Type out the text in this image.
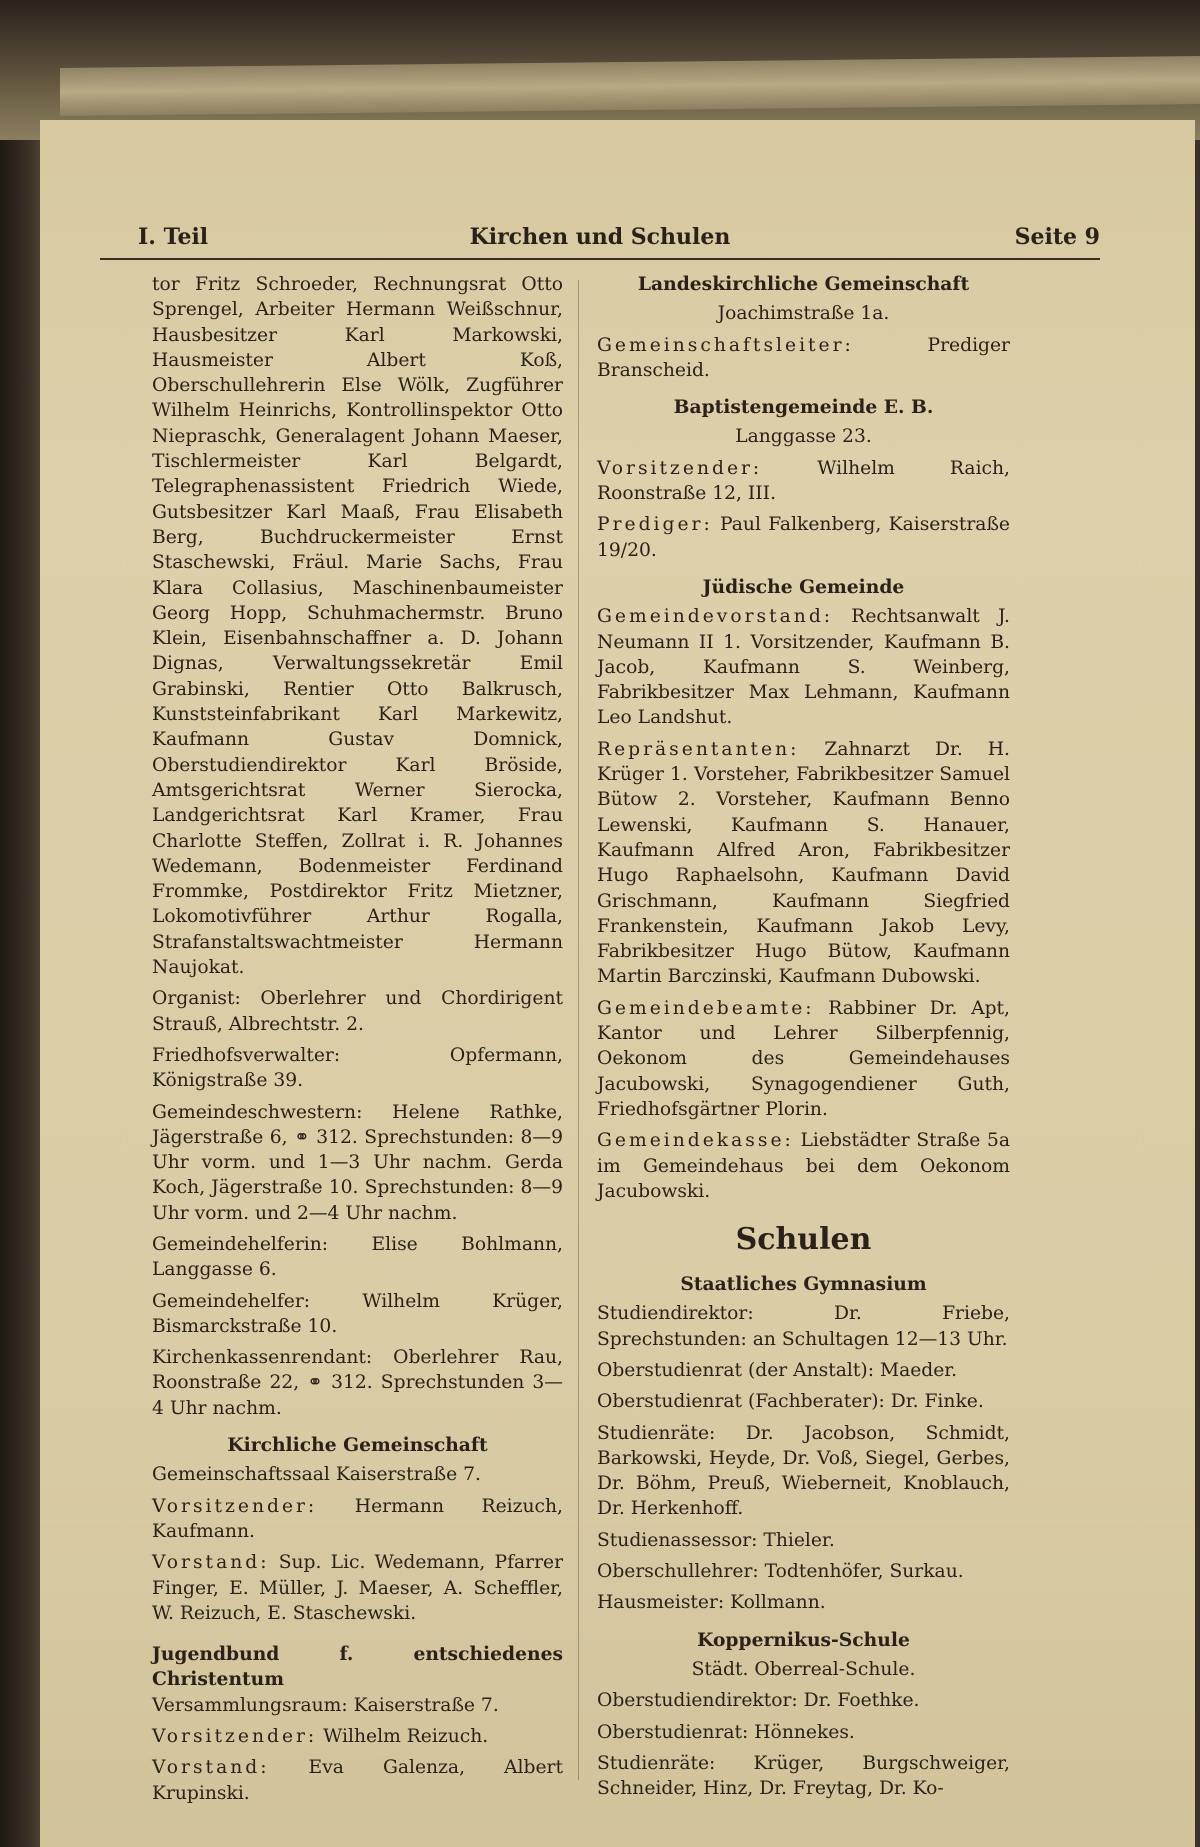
Kirchen und Schulen
I. Teil	Seite 9

tor Fritz Schroeder, Rechnungsrat Otto Sprengel, Arbeiter Hermann Weißschnur, Hausbesitzer Karl Markowski, Hausmeister Albert Koß, Oberschullehrerin Else Wölk, Zugführer Wilhelm Heinrichs, Kontrollinspektor Otto Niepraschk, Generalagent Johann Maeser, Tischlermeister Karl Belgardt, Telegraphenassistent Friedrich Wiede, Gutsbesitzer Karl Maaß, Frau Elisabeth Berg, Buchdruckermeister Ernst Staschewski, Fräul. Marie Sachs, Frau Klara Collasius, Maschinenbaumeister Georg Hopp, Schuhmachermstr. Bruno Klein, Eisenbahnschaffner a. D. Johann Dignas, Verwaltungssekretär Emil Grabinski, Rentier Otto Balkrusch, Kunststeinfabrikant Karl Markewitz, Kaufmann Gustav Domnick, Oberstudiendirektor Karl Bröside, Amtsgerichtsrat Werner Sierocka, Landgerichtsrat Karl Kramer, Frau Charlotte Steffen, Zollrat i. R. Johannes Wedemann, Bodenmeister Ferdinand Frommke, Postdirektor Fritz Mietzner, Lokomotivführer Arthur Rogalla, Strafanstaltswachtmeister Hermann Naujokat.

Organist: Oberlehrer und Chordirigent Strauß, Albrechtstr. 2.

Friedhofsverwalter: Opfermann, Königstraße 39.

Gemeindeschwestern: Helene Rathke, Jägerstraße 6, ⚭ 312. Sprechstunden: 8—9 Uhr vorm. und 1—3 Uhr nachm. Gerda Koch, Jägerstraße 10. Sprechstunden: 8—9 Uhr vorm. und 2—4 Uhr nachm.

Gemeindehelferin: Elise Bohlmann, Langgasse 6.

Gemeindehelfer: Wilhelm Krüger, Bismarckstraße 10.

Kirchenkassenrendant: Oberlehrer Rau, Roonstraße 22, ⚭ 312. Sprechstunden 3—4 Uhr nachm.

Kirchliche Gemeinschaft

Gemeinschaftssaal Kaiserstraße 7.

Vorsitzender: Hermann Reizuch, Kaufmann.

Vorstand: Sup. Lic. Wedemann, Pfarrer Finger, E. Müller, J. Maeser, A. Scheffler, W. Reizuch, E. Staschewski.

Jugendbund f. entschiedenes Christentum

Versammlungsraum: Kaiserstraße 7.

Vorsitzender: Wilhelm Reizuch.

Vorstand: Eva Galenza, Albert Krupinski.

Landeskirchliche Gemeinschaft

Joachimstraße 1a.

Gemeinschaftsleiter: Prediger Branscheid.

Baptistengemeinde E. B.

Langgasse 23.

Vorsitzender: Wilhelm Raich, Roonstraße 12, III.

Prediger: Paul Falkenberg, Kaiserstraße 19/20.

Jüdische Gemeinde

Gemeindevorstand: Rechtsanwalt J. Neumann II 1. Vorsitzender, Kaufmann B. Jacob, Kaufmann S. Weinberg, Fabrikbesitzer Max Lehmann, Kaufmann Leo Landshut.

Repräsentanten: Zahnarzt Dr. H. Krüger 1. Vorsteher, Fabrikbesitzer Samuel Bütow 2. Vorsteher, Kaufmann Benno Lewenski, Kaufmann S. Hanauer, Kaufmann Alfred Aron, Fabrikbesitzer Hugo Raphaelsohn, Kaufmann David Grischmann, Kaufmann Siegfried Frankenstein, Kaufmann Jakob Levy, Fabrikbesitzer Hugo Bütow, Kaufmann Martin Barczinski, Kaufmann Dubowski.

Gemeindebeamte: Rabbiner Dr. Apt, Kantor und Lehrer Silberpfennig, Oekonom des Gemeindehauses Jacubowski, Synagogendiener Guth, Friedhofsgärtner Plorin.

Gemeindekasse: Liebstädter Straße 5a im Gemeindehaus bei dem Oekonom Jacubowski.

Schulen
Staatliches Gymnasium

Studiendirektor: Dr. Friebe, Sprechstunden: an Schultagen 12—13 Uhr.

Oberstudienrat (der Anstalt): Maeder.

Oberstudienrat (Fachberater): Dr. Finke.

Studienräte: Dr. Jacobson, Schmidt, Barkowski, Heyde, Dr. Voß, Siegel, Gerbes, Dr. Böhm, Preuß, Wieberneit, Knoblauch, Dr. Herkenhoff.

Studienassessor: Thieler.

Oberschullehrer: Todtenhöfer, Surkau.

Hausmeister: Kollmann.

Koppernikus-Schule

Städt. Oberreal-Schule.

Oberstudiendirektor: Dr. Foethke.

Oberstudienrat: Hönnekes.

Studienräte: Krüger, Burgschweiger, Schneider, Hinz, Dr. Freytag, Dr. Ko-
